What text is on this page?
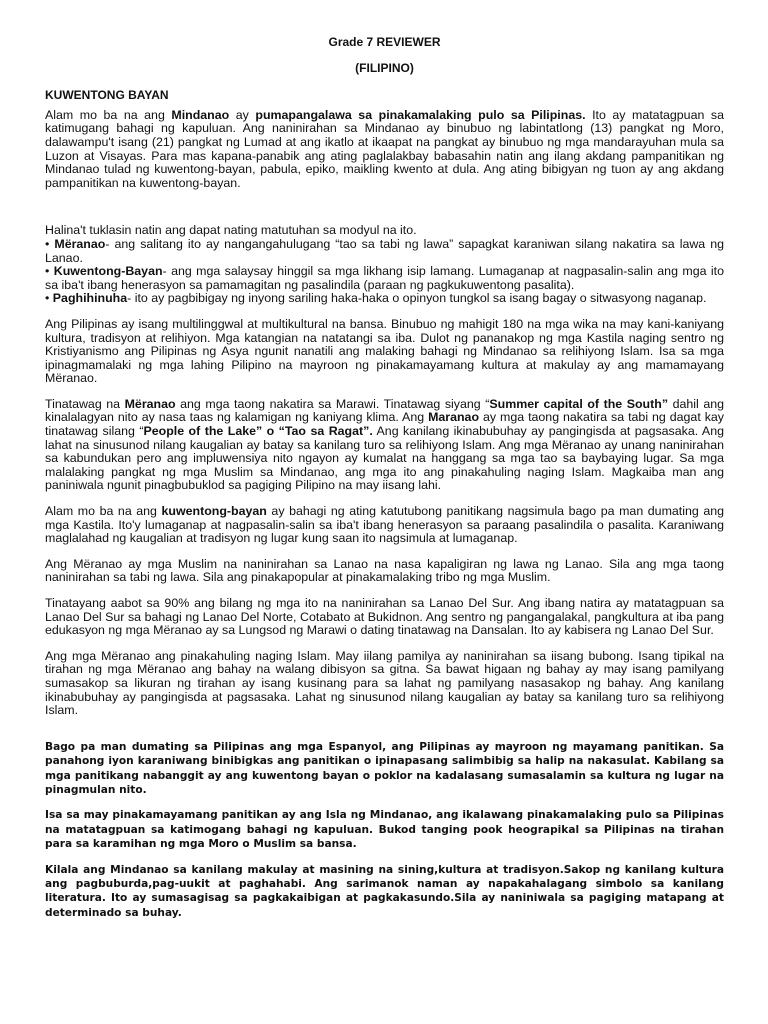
Grade 7 REVIEWER
(FILIPINO)
KUWENTONG BAYAN
Alam mo ba na ang Mindanao ay pumapangalawa sa pinakamalaking pulo sa Pilipinas. Ito ay matatagpuan sa katimugang bahagi ng kapuluan. Ang naninirahan sa Mindanao ay binubuo ng labintatlong (13) pangkat ng Moro, dalawampu't isang (21) pangkat ng Lumad at ang ikatlo at ikaapat na pangkat ay binubuo ng mga mandarayuhan mula sa Luzon at Visayas. Para mas kapana-panabik ang ating paglalakbay babasahin natin ang ilang akdang pampanitikan ng Mindanao tulad ng kuwentong-bayan, pabula, epiko, maikling kwento at dula. Ang ating bibigyan ng tuon ay ang akdang pampanitikan na kuwentong-bayan.
Halina't tuklasin natin ang dapat nating matutuhan sa modyul na ito.
• Mëranao- ang salitang ito ay nangangahulugang “tao sa tabi ng lawa” sapagkat karaniwan silang nakatira sa lawa ng Lanao.
• Kuwentong-Bayan- ang mga salaysay hinggil sa mga likhang isip lamang. Lumaganap at nagpasalin-salin ang mga ito sa iba't ibang henerasyon sa pamamagitan ng pasalindila (paraan ng pagkukuwentong pasalita).
• Paghihinuha- ito ay pagbibigay ng inyong sariling haka-haka o opinyon tungkol sa isang bagay o sitwasyong naganap.
Ang Pilipinas ay isang multilinggwal at multikultural na bansa. Binubuo ng mahigit 180 na mga wika na may kani-kaniyang kultura, tradisyon at relihiyon. Mga katangian na natatangi sa iba. Dulot ng pananakop ng mga Kastila naging sentro ng Kristiyanismo ang Pilipinas ng Asya ngunit nanatili ang malaking bahagi ng Mindanao sa relihiyong Islam. Isa sa mga ipinagmamalaki ng mga lahing Pilipino na mayroon ng pinakamayamang kultura at makulay ay ang mamamayang Mëranao.
Tinatawag na Mëranao ang mga taong nakatira sa Marawi. Tinatawag siyang “Summer capital of the South” dahil ang kinalalagyan nito ay nasa taas ng kalamigan ng kaniyang klima. Ang Maranao ay mga taong nakatira sa tabi ng dagat kay tinatawag silang “People of the Lake” o “Tao sa Ragat”. Ang kanilang ikinabubuhay ay pangingisda at pagsasaka. Ang lahat na sinusunod nilang kaugalian ay batay sa kanilang turo sa relihiyong Islam. Ang mga Mëranao ay unang naninirahan sa kabundukan pero ang impluwensiya nito ngayon ay kumalat na hanggang sa mga tao sa baybaying lugar. Sa mga malalaking pangkat ng mga Muslim sa Mindanao, ang mga ito ang pinakahuling naging Islam. Magkaiba man ang paniniwala ngunit pinagbubuklod sa pagiging Pilipino na may iisang lahi.
Alam mo ba na ang kuwentong-bayan ay bahagi ng ating katutubong panitikang nagsimula bago pa man dumating ang mga Kastila. Ito'y lumaganap at nagpasalin-salin sa iba't ibang henerasyon sa paraang pasalindila o pasalita. Karaniwang maglalahad ng kaugalian at tradisyon ng lugar kung saan ito nagsimula at lumaganap.
Ang Mëranao ay mga Muslim na naninirahan sa Lanao na nasa kapaligiran ng lawa ng Lanao. Sila ang mga taong naninirahan sa tabi ng lawa. Sila ang pinakapopular at pinakamalaking tribo ng mga Muslim.
Tinatayang aabot sa 90% ang bilang ng mga ito na naninirahan sa Lanao Del Sur. Ang ibang natira ay matatagpuan sa Lanao Del Sur sa bahagi ng Lanao Del Norte, Cotabato at Bukidnon. Ang sentro ng pangangalakal, pangkultura at iba pang edukasyon ng mga Mëranao ay sa Lungsod ng Marawi o dating tinatawag na Dansalan. Ito ay kabisera ng Lanao Del Sur.
Ang mga Mëranao ang pinakahuling naging Islam. May iilang pamilya ay naninirahan sa iisang bubong. Isang tipikal na tirahan ng mga Mëranao ang bahay na walang dibisyon sa gitna. Sa bawat higaan ng bahay ay may isang pamilyang sumasakop sa likuran ng tirahan ay isang kusinang para sa lahat ng pamilyang nasasakop ng bahay. Ang kanilang ikinabubuhay ay pangingisda at pagsasaka. Lahat ng sinusunod nilang kaugalian ay batay sa kanilang turo sa relihiyong Islam.
Bago pa man dumating sa Pilipinas ang mga Espanyol, ang Pilipinas ay mayroon ng mayamang panitikan. Sa panahong iyon karaniwang binibigkas ang panitikan o ipinapasang salimbibig sa halip na nakasulat. Kabilang sa mga panitikang nabanggit ay ang kuwentong bayan o poklor na kadalasang sumasalamin sa kultura ng lugar na pinagmulan nito.
Isa sa may pinakamayamang panitikan ay ang Isla ng Mindanao, ang ikalawang pinakamalaking pulo sa Pilipinas na matatagpuan sa katimogang bahagi ng kapuluan. Bukod tanging pook heograpikal sa Pilipinas na tirahan para sa karamihan ng mga Moro o Muslim sa bansa.
Kilala ang Mindanao sa kanilang makulay at masining na sining,kultura at tradisyon.Sakop ng kanilang kultura ang pagbuburda,pag-uukit at paghahabi. Ang sarimanok naman ay napakahalagang simbolo sa kanilang literatura. Ito ay sumasagisag sa pagkakaibigan at pagkakasundo.Sila ay naniniwala sa pagiging matapang at determinado sa buhay.
